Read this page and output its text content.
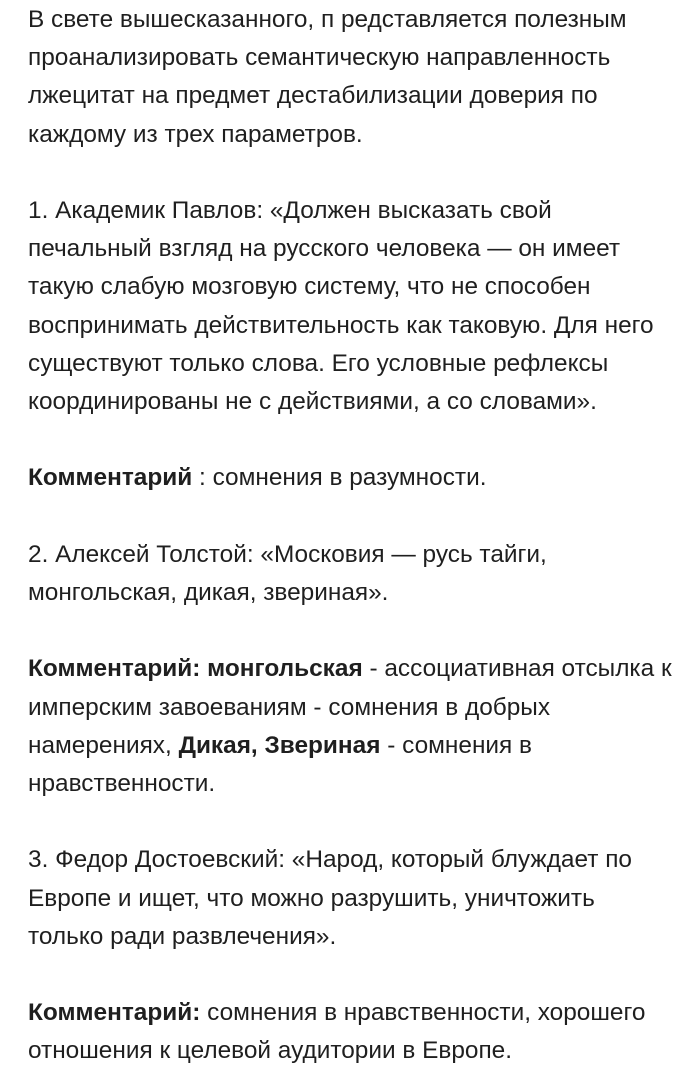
В свете вышесказанного, п редставляется полезным проанализировать семантическую направленность лжецитат на предмет дестабилизации доверия по каждому из трех параметров.

1. Академик Павлов: «Должен высказать свой печальный взгляд на русского человека — он имеет такую слабую мозговую систему, что не способен воспринимать действительность как таковую. Для него существуют только слова. Его условные рефлексы координированы не с действиями, а со словами».

Комментарий : сомнения в разумности.

2. Алексей Толстой: «Московия — русь тайги, монгольская, дикая, звериная».

Комментарий: монгольская - ассоциативная отсылка к имперским завоеваниям - сомнения в добрых намерениях, Дикая, Звериная - сомнения в нравственности.

3. Федор Достоевский: «Народ, который блуждает по Европе и ищет, что можно разрушить, уничтожить только ради развлечения».

Комментарий: сомнения в нравственности, хорошего отношения к целевой аудитории в Европе.
